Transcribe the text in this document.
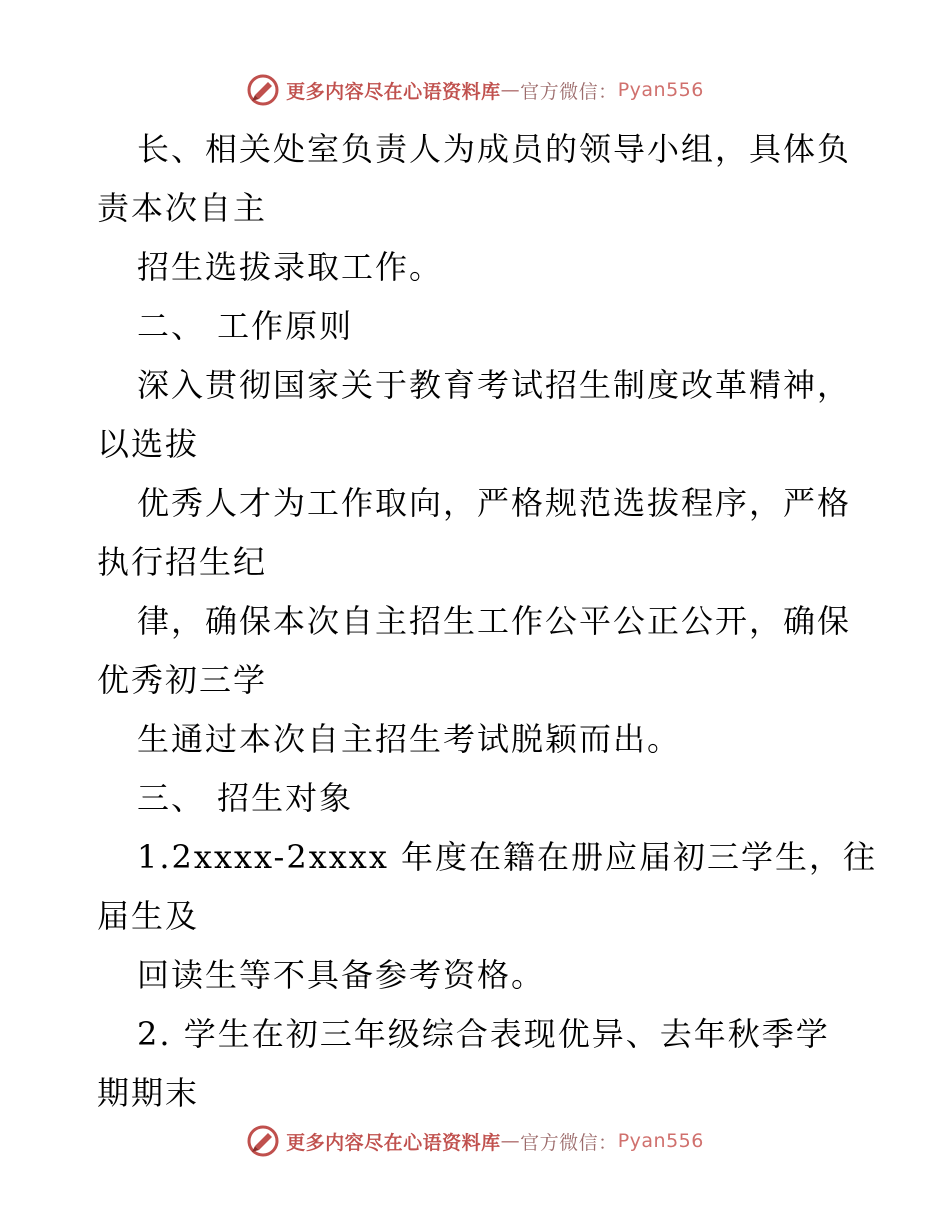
更多内容尽在心语资料库 — 官方微信： Pyan556
长、相关处室负责人为成员的领导小组，具体负
责本次自主
招生选拔录取工作。
二、 工作原则
深入贯彻国家关于教育考试招生制度改革精神，
以选拔
优秀人才为工作取向，严格规范选拔程序，严格
执行招生纪
律，确保本次自主招生工作公平公正公开，确保
优秀初三学
生通过本次自主招生考试脱颖而出。
三、 招生对象
1.2xxxx-2xxxx 年度在籍在册应届初三学生，往
届生及
回读生等不具备参考资格。
2. 学生在初三年级综合表现优异、去年秋季学
期期末
更多内容尽在心语资料库 — 官方微信： Pyan556
